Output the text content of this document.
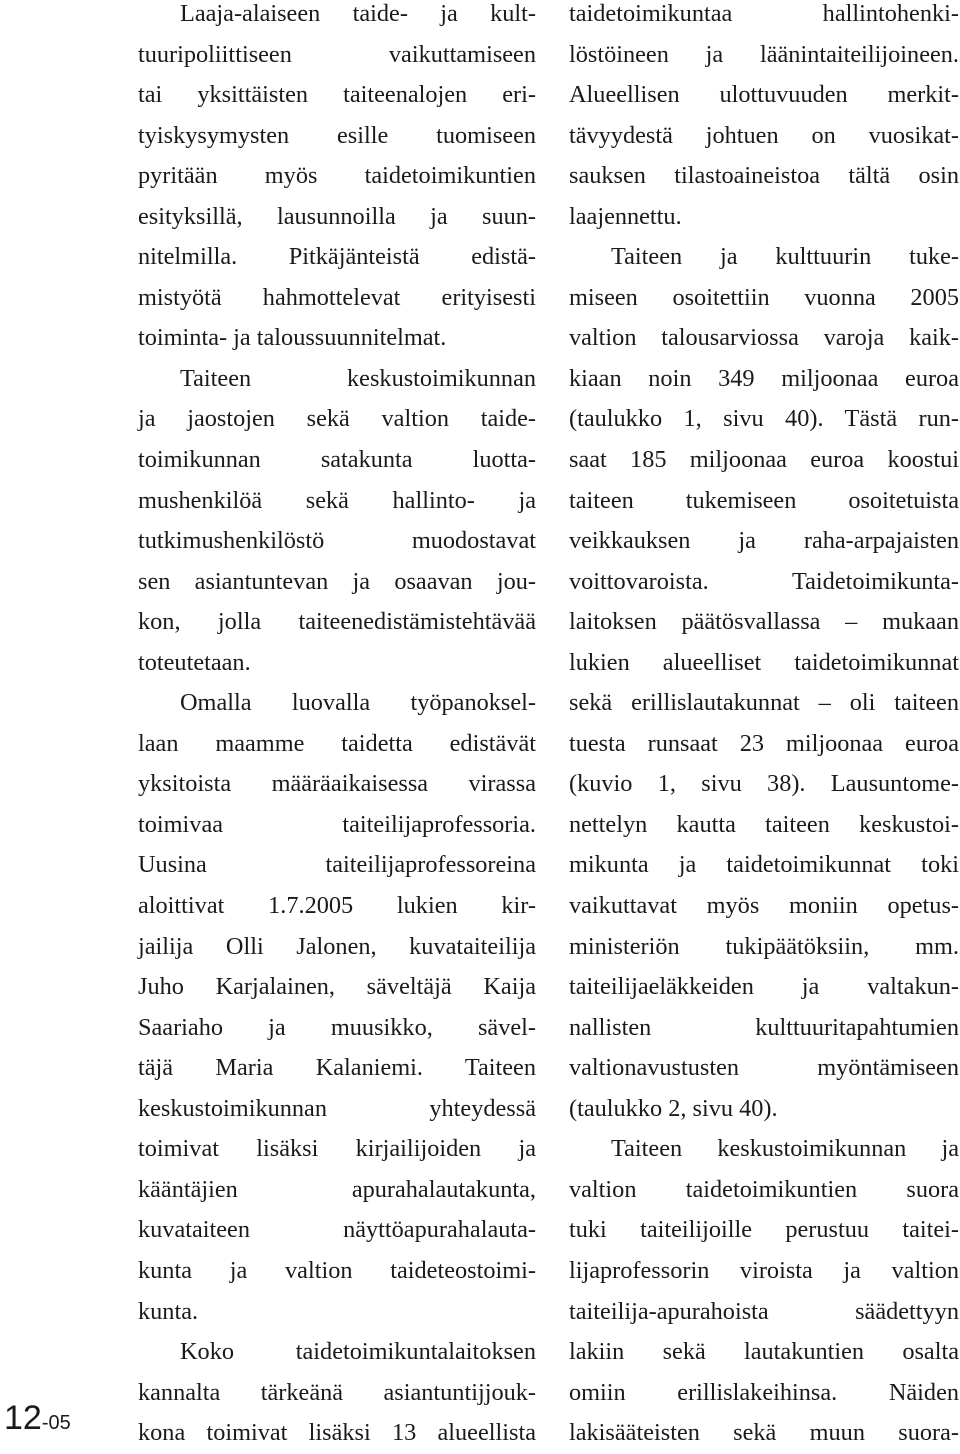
Laaja-alaiseen taide- ja kult-
tuuripoliittiseen vaikuttamiseen
tai yksittäisten taiteenalojen eri-
tyiskysymysten esille tuomiseen
pyritään myös taidetoimikuntien
esityksillä, lausunnoilla ja suun-
nitelmilla. Pitkäjänteistä edistä-
mistyötä hahmottelevat erityisesti
toiminta- ja taloussuunnitelmat.
Taiteen keskustoimikunnan
ja jaostojen sekä valtion taide-
toimikunnan satakunta luotta-
mushenkilöä sekä hallinto- ja
tutkimushenkilöstö muodostavat
sen asiantuntevan ja osaavan jou-
kon, jolla taiteenedistämistehtävää
toteutetaan.
Omalla luovalla työpanoksel-
laan maamme taidetta edistävät
yksitoista määräaikaisessa virassa
toimivaa taiteilijaprofessoria.
Uusina taiteilijaprofessoreina
aloittivat 1.7.2005 lukien kir-
jailija Olli Jalonen, kuvataiteilija
Juho Karjalainen, säveltäjä Kaija
Saariaho ja muusikko, sävel-
täjä Maria Kalaniemi. Taiteen
keskustoimikunnan yhteydessä
toimivat lisäksi kirjailijoiden ja
kääntäjien apurahalautakunta,
kuvataiteen näyttöapurahalauta-
kunta ja valtion taideteostoimi-
kunta.
Koko taidetoimikuntalaitoksen
kannalta tärkeänä asiantuntijjouk-
kona toimivat lisäksi 13 alueellista
taidetoimikuntaa hallintohenki-
löstöineen ja läänintaiteilijoineen.
Alueellisen ulottuvuuden merkit-
tävyydestä johtuen on vuosikat-
sauksen tilastoaineistoa tältä osin
laajennettu.
Taiteen ja kulttuurin tuke-
miseen osoitettiin vuonna 2005
valtion talousarviossa varoja kaik-
kiaan noin 349 miljoonaa euroa
(taulukko 1, sivu 40). Tästä run-
saat 185 miljoonaa euroa koostui
taiteen tukemiseen osoitetuista
veikkauksen ja raha-arpajaisten
voittovaroista. Taidetoimikunta-
laitoksen päätösvallassa – mukaan
lukien alueelliset taidetoimikunnat
sekä erillislautakunnat – oli taiteen
tuesta runsaat 23 miljoonaa euroa
(kuvio 1, sivu 38). Lausuntome-
nettelyn kautta taiteen keskustoi-
mikunta ja taidetoimikunnat toki
vaikuttavat myös moniin opetus-
ministeriön tukipäätöksiin, mm.
taiteilijaeläkkeiden ja valtakun-
nallisten kulttuuritapahtumien
valtionavustusten myöntämiseen
(taulukko 2, sivu 40).
Taiteen keskustoimikunnan ja
valtion taidetoimikuntien suora
tuki taiteilijoille perustuu taitei-
lijaprofessorin viroista ja valtion
taiteilija-apurahoista säädettyyn
lakiin sekä lautakuntien osalta
omiin erillislakeihinsa. Näiden
lakisääteisten sekä muun suora-
12-05
